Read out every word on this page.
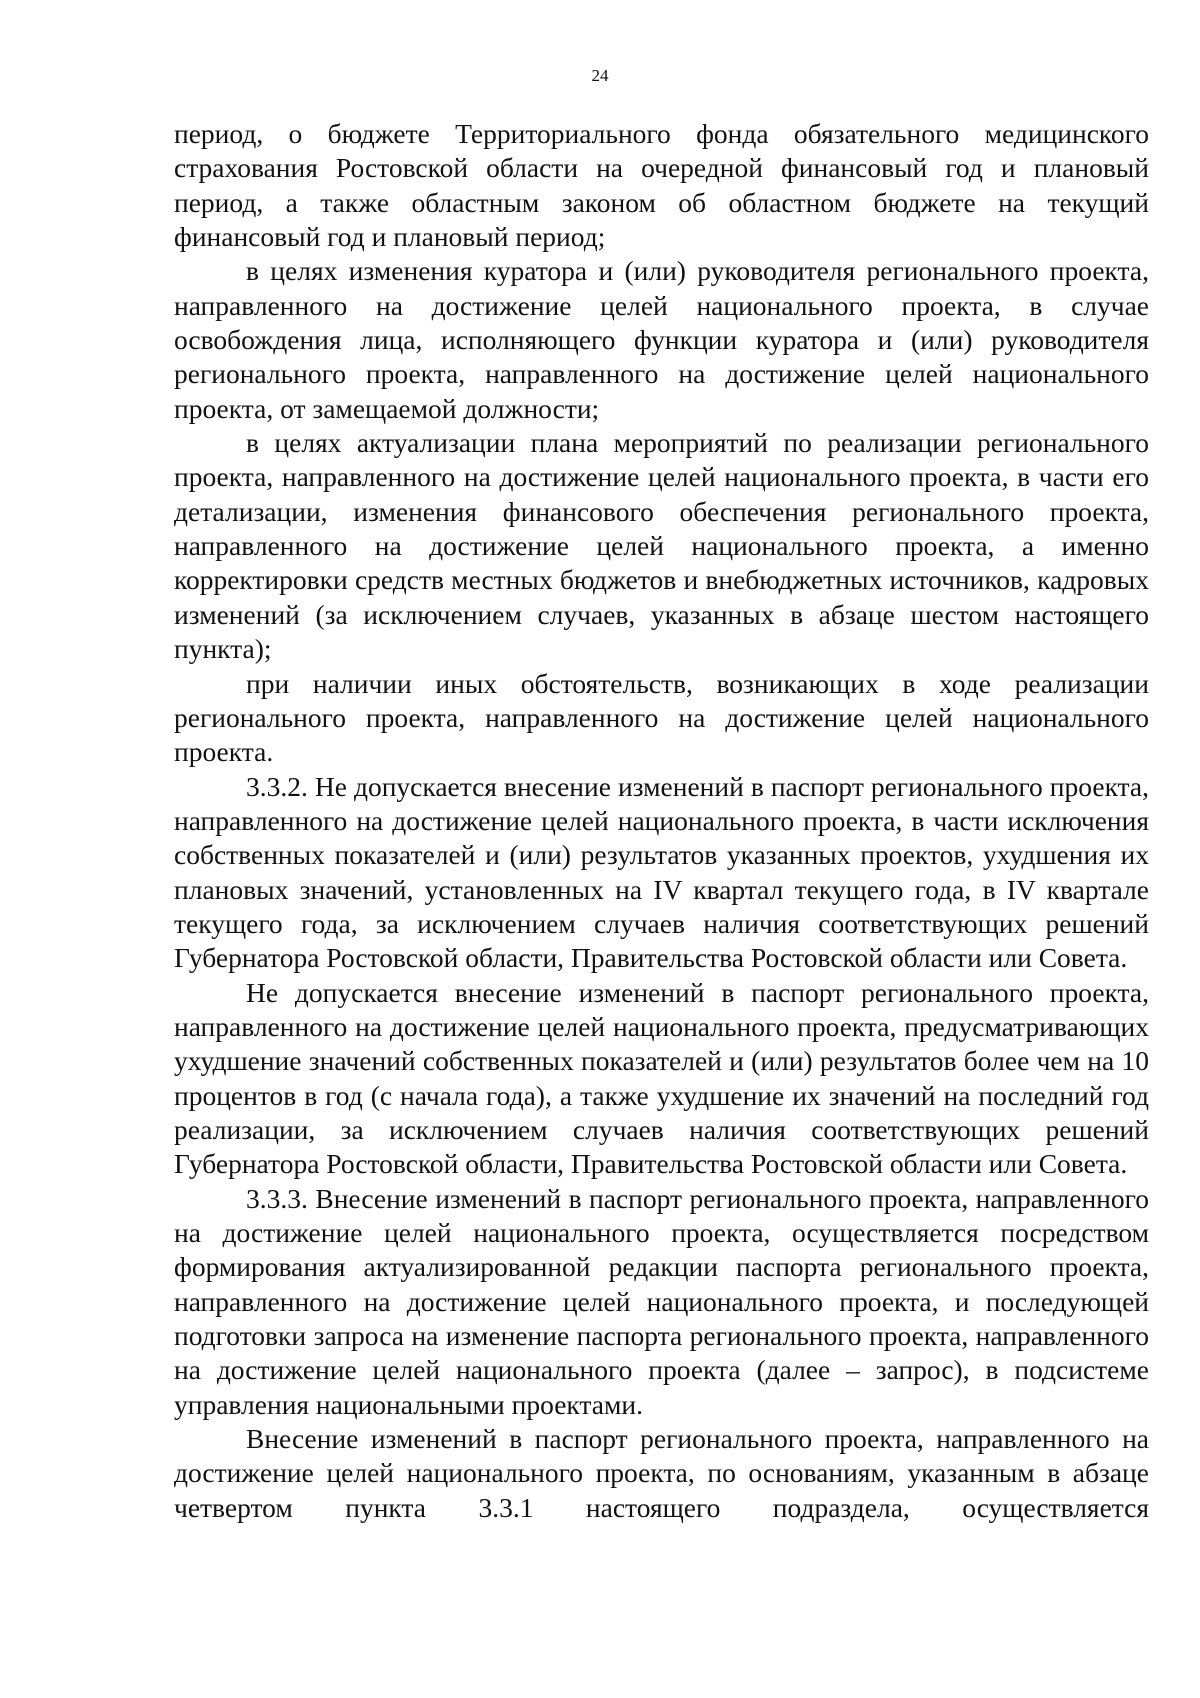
24

период, о бюджете Территориального фонда обязательного медицинского страхования Ростовской области на очередной финансовый год и плановый период, а также областным законом об областном бюджете на текущий финансовый год и плановый период;

в целях изменения куратора и (или) руководителя регионального проекта, направленного на достижение целей национального проекта, в случае освобождения лица, исполняющего функции куратора и (или) руководителя регионального проекта, направленного на достижение целей национального проекта, от замещаемой должности;

в целях актуализации плана мероприятий по реализации регионального проекта, направленного на достижение целей национального проекта, в части его детализации, изменения финансового обеспечения регионального проекта, направленного на достижение целей национального проекта, а именно корректировки средств местных бюджетов и внебюджетных источников, кадровых изменений (за исключением случаев, указанных в абзаце шестом настоящего пункта);

при наличии иных обстоятельств, возникающих в ходе реализации регионального проекта, направленного на достижение целей национального проекта.

3.3.2. Не допускается внесение изменений в паспорт регионального проекта, направленного на достижение целей национального проекта, в части исключения собственных показателей и (или) результатов указанных проектов, ухудшения их плановых значений, установленных на IV квартал текущего года, в IV квартале текущего года, за исключением случаев наличия соответствующих решений Губернатора Ростовской области, Правительства Ростовской области или Совета.

Не допускается внесение изменений в паспорт регионального проекта, направленного на достижение целей национального проекта, предусматривающих ухудшение значений собственных показателей и (или) результатов более чем на 10 процентов в год (с начала года), а также ухудшение их значений на последний год реализации, за исключением случаев наличия соответствующих решений Губернатора Ростовской области, Правительства Ростовской области или Совета.

3.3.3. Внесение изменений в паспорт регионального проекта, направленного на достижение целей национального проекта, осуществляется посредством формирования актуализированной редакции паспорта регионального проекта, направленного на достижение целей национального проекта, и последующей подготовки запроса на изменение паспорта регионального проекта, направленного на достижение целей национального проекта (далее – запрос), в подсистеме управления национальными проектами.

Внесение изменений в паспорт регионального проекта, направленного на достижение целей национального проекта, по основаниям, указанным в абзаце четвертом пункта 3.3.1 настоящего подраздела, осуществляется
